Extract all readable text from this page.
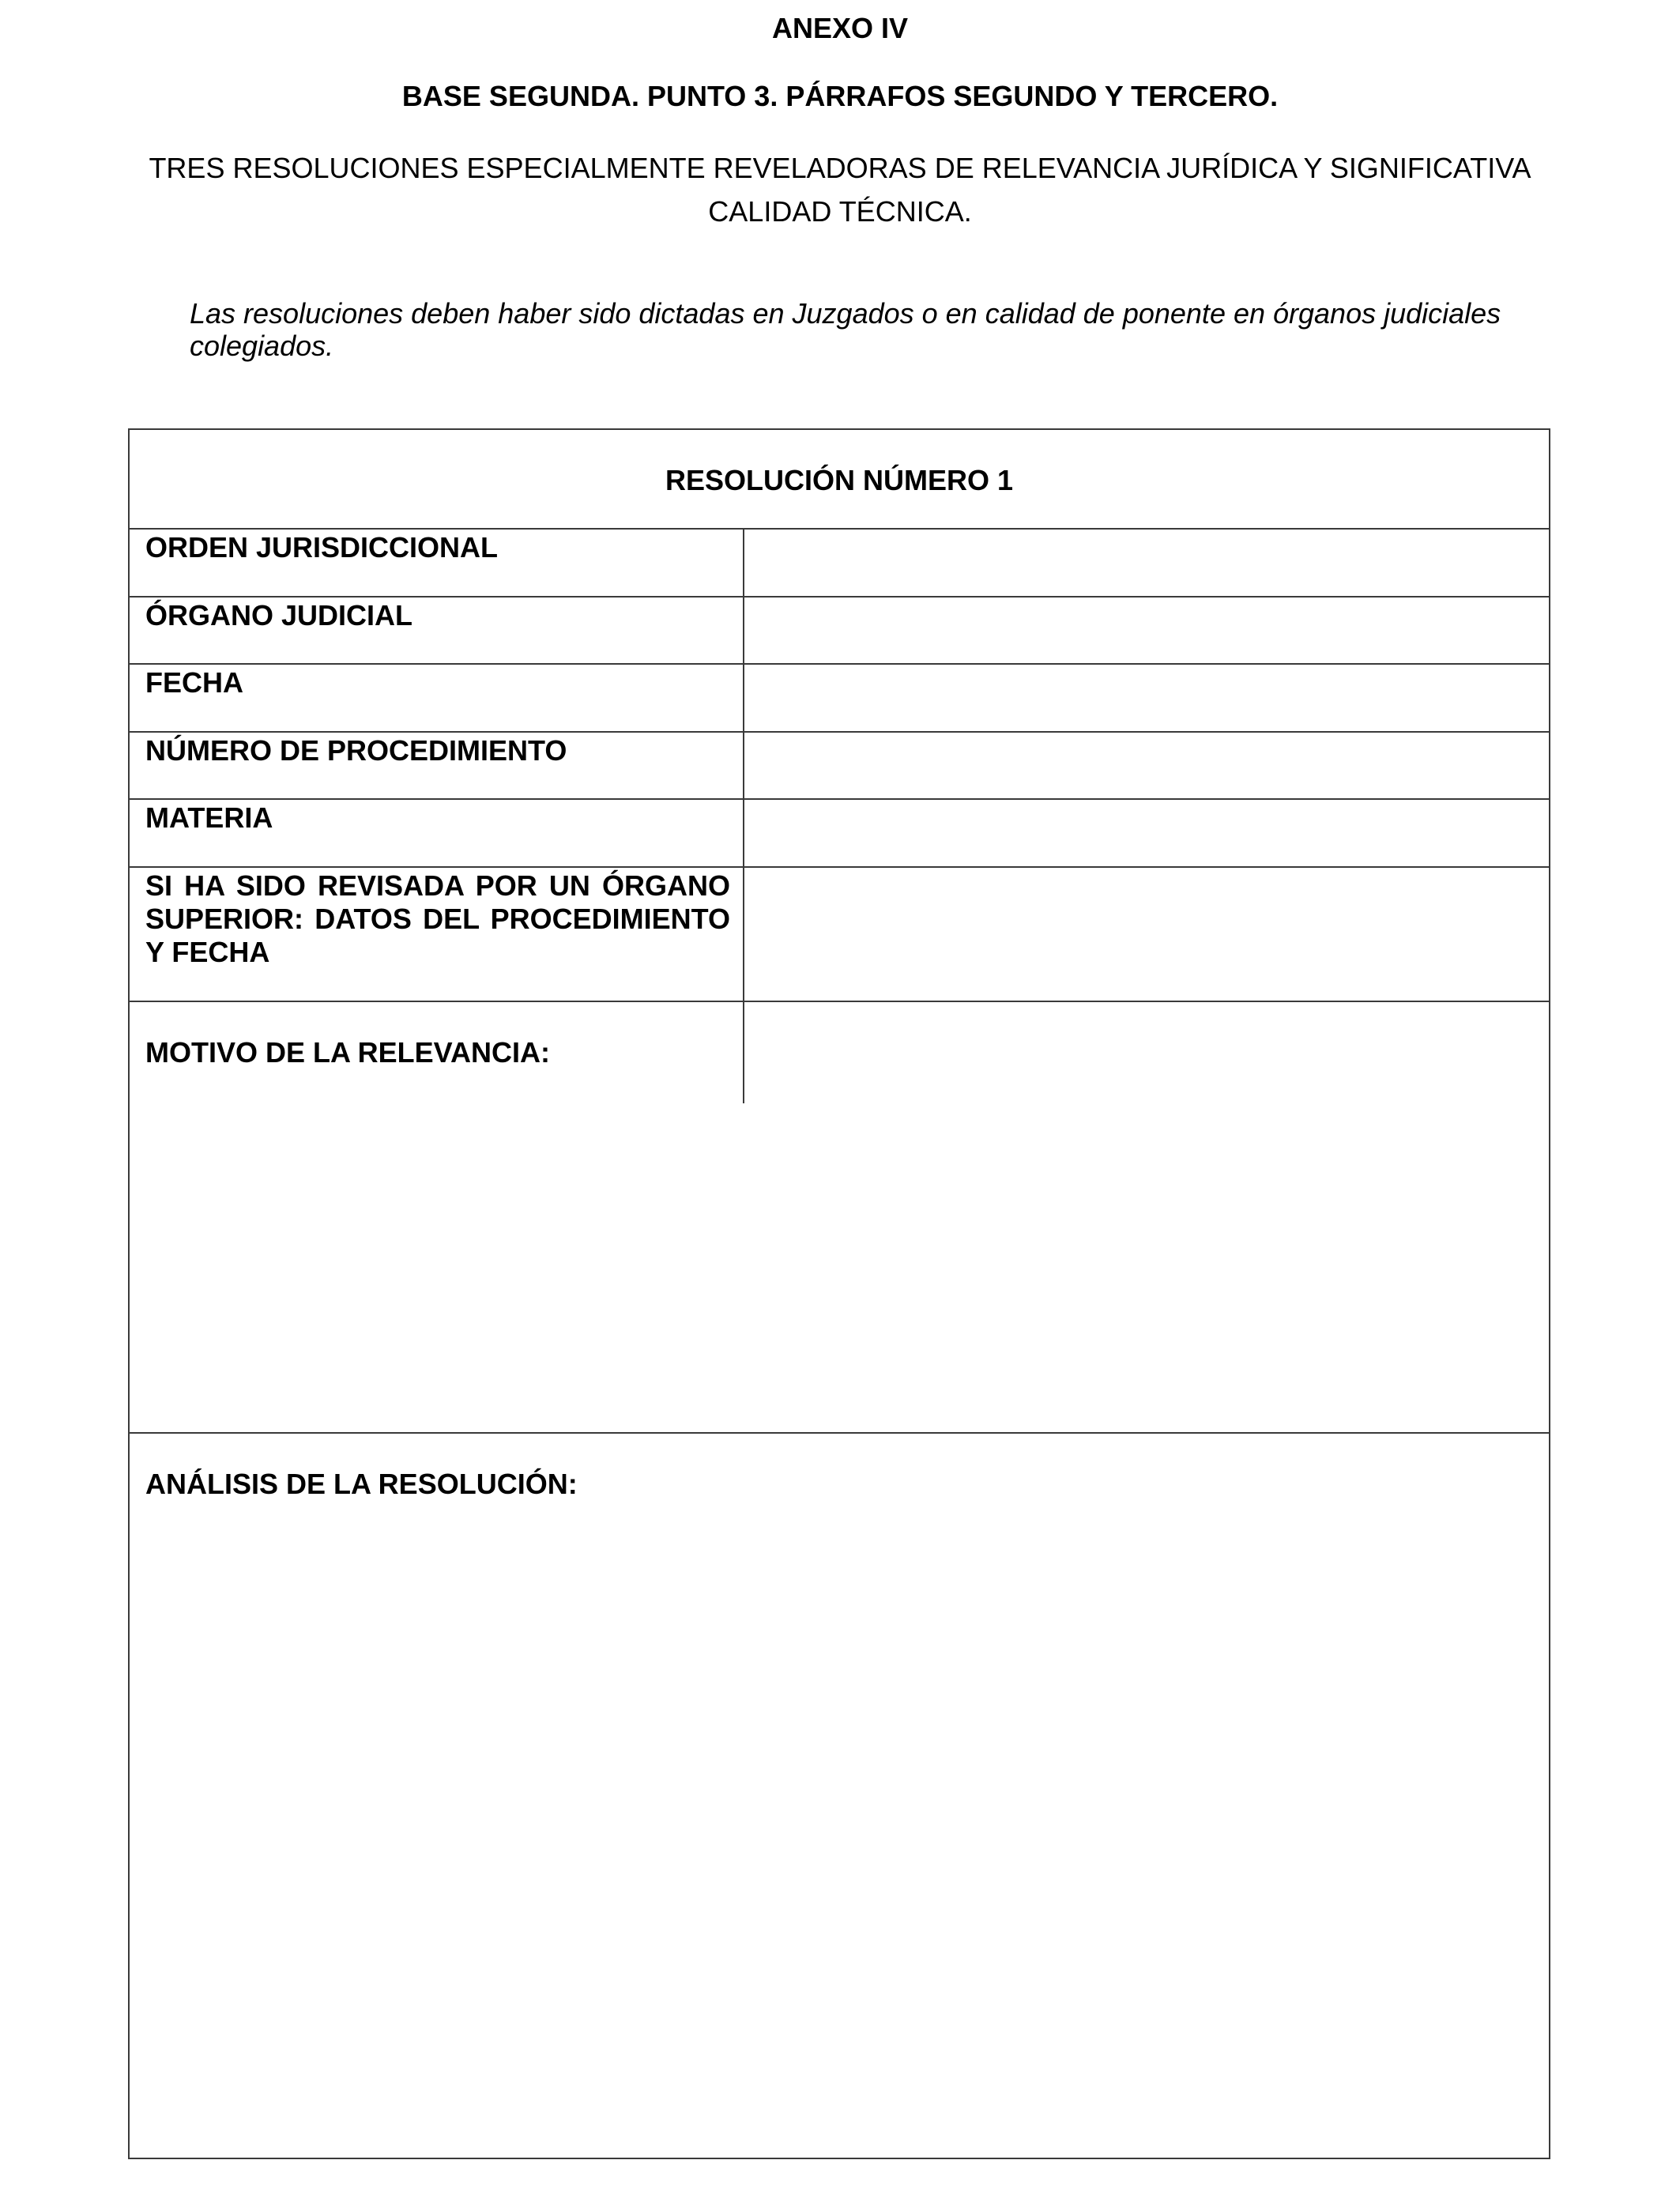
ANEXO IV
BASE SEGUNDA. PUNTO 3. PÁRRAFOS SEGUNDO Y TERCERO.
TRES RESOLUCIONES ESPECIALMENTE REVELADORAS DE RELEVANCIA JURÍDICA Y SIGNIFICATIVA
CALIDAD TÉCNICA.
Las resoluciones deben haber sido dictadas en Juzgados o en calidad de ponente en órganos judiciales
colegiados.
RESOLUCIÓN NÚMERO 1
ORDEN JURISDICCIONAL
ÓRGANO JUDICIAL
FECHA
NÚMERO DE PROCEDIMIENTO
MATERIA
SI HA SIDO REVISADA POR UN ÓRGANO SUPERIOR: DATOS DEL PROCEDIMIENTO Y FECHA
MOTIVO DE LA RELEVANCIA:
ANÁLISIS DE LA RESOLUCIÓN:
